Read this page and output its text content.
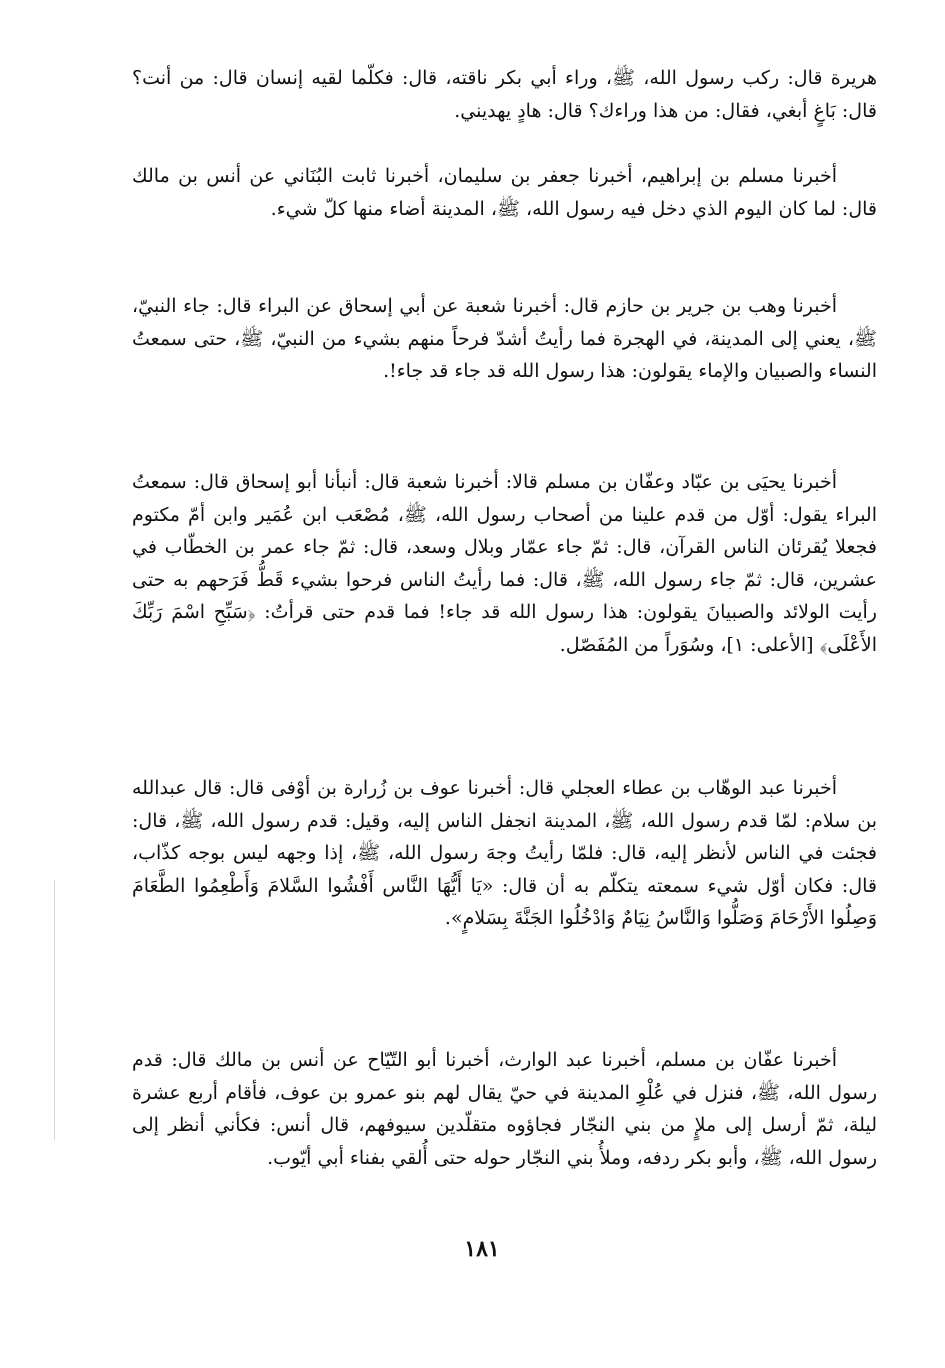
هريرة قال: ركب رسول الله، ﷺ، وراء أبي بكر ناقته، قال: فكلّما لقيه إنسان قال: من أنت؟ قال: بَاغٍ أبغي، فقال: من هذا وراءك؟ قال: هادٍ يهديني.

أخبرنا مسلم بن إبراهيم، أخبرنا جعفر بن سليمان، أخبرنا ثابت البُنَاني عن أنس بن مالك قال: لما كان اليوم الذي دخل فيه رسول الله، ﷺ، المدينة أضاء منها كلّ شيء.

أخبرنا وهب بن جرير بن حازم قال: أخبرنا شعبة عن أبي إسحاق عن البراء قال: جاء النبيّ، ﷺ، يعني إلى المدينة، في الهجرة فما رأيتُ أشدّ فرحاً منهم بشيء من النبيّ، ﷺ، حتى سمعتُ النساء والصبيان والإماء يقولون: هذا رسول الله قد جاء قد جاء!.

أخبرنا يحيَى بن عبّاد وعفّان بن مسلم قالا: أخبرنا شعبة قال: أنبأنا أبو إسحاق قال: سمعتُ البراء يقول: أوّل من قدم علينا من أصحاب رسول الله، ﷺ، مُصْعَب ابن عُمَير وابن أمّ مكتوم فجعلا يُقرئان الناس القرآن، قال: ثمّ جاء عمّار وبلال وسعد، قال: ثمّ جاء عمر بن الخطّاب في عشرين، قال: ثمّ جاء رسول الله، ﷺ، قال: فما رأيتُ الناس فرحوا بشيء قَطُّ فَرَحهم به حتى رأيت الولائد والصبيانَ يقولون: هذا رسول الله قد جاء! فما قدم حتى قرأتُ: ﴿سَبِّحِ اسْمَ رَبِّكَ الأَعْلَى﴾ [الأعلى: ١]، وسُوَراً من المُفَصّل.

أخبرنا عبد الوهّاب بن عطاء العجلي قال: أخبرنا عوف بن زُرارة بن أوْفى قال: قال عبدالله بن سلام: لمّا قدم رسول الله، ﷺ، المدينة انجفل الناس إليه، وقيل: قدم رسول الله، ﷺ، قال: فجئت في الناس لأنظر إليه، قال: فلمّا رأيتُ وجهَ رسول الله، ﷺ، إذا وجهه ليس بوجه كذّاب، قال: فكان أوّل شيء سمعته يتكلّم به أن قال: «يَا أَيُّهَا النَّاس أَفْشُوا السَّلامَ وَأَطْعِمُوا الطَّعَامَ وَصِلُوا الأَرْحَامَ وَصَلُّوا وَالنَّاسُ نِيَامٌ وَادْخُلُوا الجَنَّةَ بِسَلامٍ».

أخبرنا عفّان بن مسلم، أخبرنا عبد الوارث، أخبرنا أبو التّيّاح عن أنس بن مالك قال: قدم رسول الله، ﷺ، فنزل في عُلْوِ المدينة في حيّ يقال لهم بنو عمرو بن عوف، فأقام أربع عشرة ليلة، ثمّ أرسل إلى ملإٍ من بني النجّار فجاؤوه متقلّدين سيوفهم، قال أنس: فكأني أنظر إلى رسول الله، ﷺ، وأبو بكر ردفه، وملأُ بني النجّار حوله حتى أُلقي بفناء أبي أيّوب.

١٨١
